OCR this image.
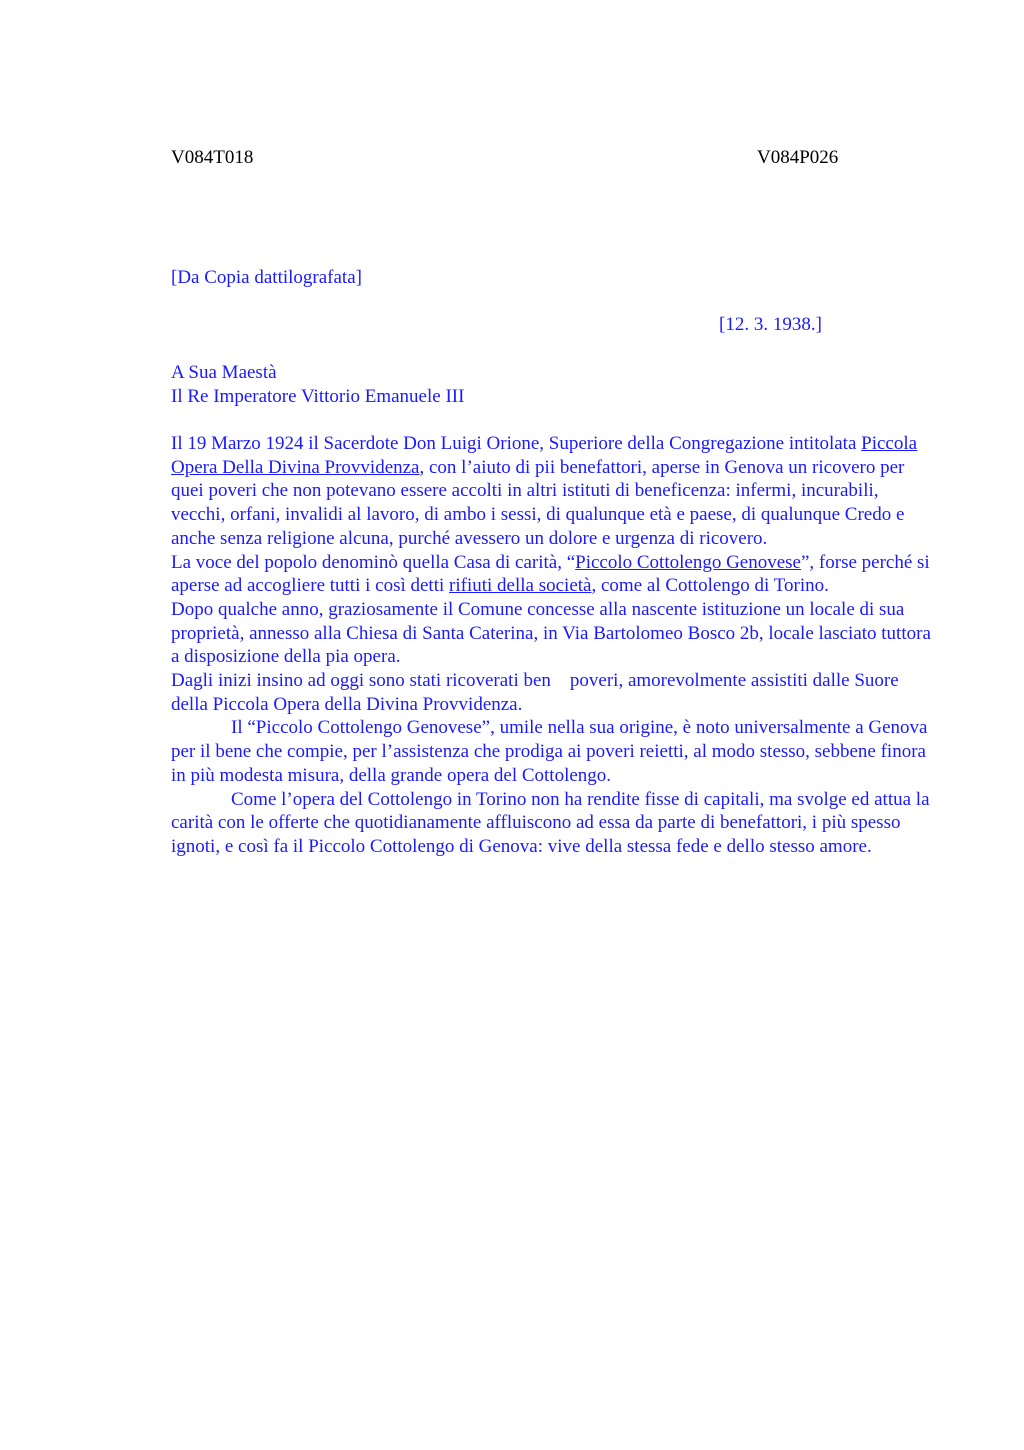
V084T018	V084P026
[Da Copia dattilografata]
[12. 3. 1938.]
A Sua Maestà
Il Re Imperatore Vittorio Emanuele III

Il 19 Marzo 1924 il Sacerdote Don Luigi Orione, Superiore della Congregazione intitolata Piccola Opera Della Divina Provvidenza, con l’aiuto di pii benefattori, aperse in Genova un ricovero per quei poveri che non potevano essere accolti in altri istituti di beneficenza: infermi, incurabili, vecchi, orfani, invalidi al lavoro, di ambo i sessi, di qualunque età e paese, di qualunque Credo e anche senza religione alcuna, purché avessero un dolore e urgenza di ricovero.

La voce del popolo denominò quella Casa di carità, “Piccolo Cottolengo Genovese”, forse perché si aperse ad accogliere tutti i così detti rifiuti della società, come al Cottolengo di Torino.

Dopo qualche anno, graziosamente il Comune concesse alla nascente istituzione un locale di sua proprietà, annesso alla Chiesa di Santa Caterina, in Via Bartolomeo Bosco 2b, locale lasciato tuttora a disposizione della pia opera.

Dagli inizi insino ad oggi sono stati ricoverati ben    poveri, amorevolmente assistiti dalle Suore della Piccola Opera della Divina Provvidenza.

Il “Piccolo Cottolengo Genovese”, umile nella sua origine, è noto universalmente a Genova per il bene che compie, per l’assistenza che prodiga ai poveri reietti, al modo stesso, sebbene finora in più modesta misura, della grande opera del Cottolengo.

Come l’opera del Cottolengo in Torino non ha rendite fisse di capitali, ma svolge ed attua la carità con le offerte che quotidianamente affluiscono ad essa da parte di benefattori, i più spesso ignoti, e così fa il Piccolo Cottolengo di Genova: vive della stessa fede e dello stesso amore.
